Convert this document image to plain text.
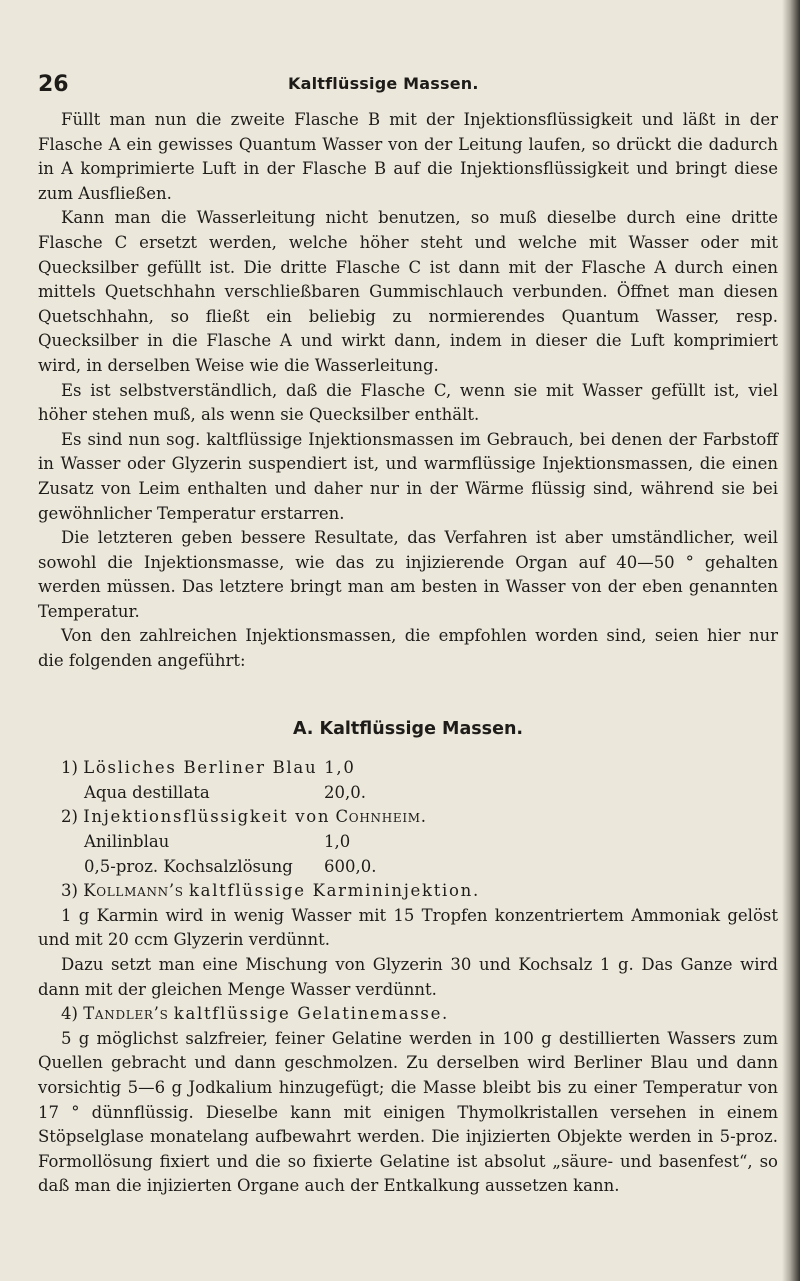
26	Kaltflüssige Massen.

Füllt man nun die zweite Flasche B mit der Injektionsflüssigkeit und läßt in der Flasche A ein gewisses Quantum Wasser von der Leitung laufen, so drückt die dadurch in A komprimierte Luft in der Flasche B auf die Injektionsflüssigkeit und bringt diese zum Ausfließen.

Kann man die Wasserleitung nicht benutzen, so muß dieselbe durch eine dritte Flasche C ersetzt werden, welche höher steht und welche mit Wasser oder mit Quecksilber gefüllt ist. Die dritte Flasche C ist dann mit der Flasche A durch einen mittels Quetschhahn verschließbaren Gummischlauch verbunden. Öffnet man diesen Quetschhahn, so fließt ein beliebig zu normierendes Quantum Wasser, resp. Quecksilber in die Flasche A und wirkt dann, indem in dieser die Luft komprimiert wird, in derselben Weise wie die Wasserleitung.

Es ist selbstverständlich, daß die Flasche C, wenn sie mit Wasser gefüllt ist, viel höher stehen muß, als wenn sie Quecksilber enthält.

Es sind nun sog. kaltflüssige Injektionsmassen im Gebrauch, bei denen der Farbstoff in Wasser oder Glyzerin suspendiert ist, und warmflüssige Injektionsmassen, die einen Zusatz von Leim enthalten und daher nur in der Wärme flüssig sind, während sie bei gewöhnlicher Temperatur erstarren.

Die letzteren geben bessere Resultate, das Verfahren ist aber umständlicher, weil sowohl die Injektionsmasse, wie das zu injizierende Organ auf 40—50 ° gehalten werden müssen. Das letztere bringt man am besten in Wasser von der eben genannten Temperatur.

Von den zahlreichen Injektionsmassen, die empfohlen worden sind, seien hier nur die folgenden angeführt:

A. Kaltflüssige Massen.
1) Lösliches Berliner Blau 1,0
Aqua destillata	20,0.
2) Injektionsflüssigkeit von Cohnheim.
Anilinblau	1,0
0,5-proz. Kochsalzlösung 600,0.
3) Kollmann’s kaltflüssige Karmininjektion.

1 g Karmin wird in wenig Wasser mit 15 Tropfen konzentriertem Ammoniak gelöst und mit 20 ccm Glyzerin verdünnt.

Dazu setzt man eine Mischung von Glyzerin 30 und Kochsalz 1 g. Das Ganze wird dann mit der gleichen Menge Wasser verdünnt.

4) Tandler’s kaltflüssige Gelatinemasse.

5 g möglichst salzfreier, feiner Gelatine werden in 100 g destillierten Wassers zum Quellen gebracht und dann geschmolzen. Zu derselben wird Berliner Blau und dann vorsichtig 5—6 g Jodkalium hinzugefügt; die Masse bleibt bis zu einer Temperatur von 17 ° dünnflüssig. Dieselbe kann mit einigen Thymolkristallen versehen in einem Stöpselglase monatelang aufbewahrt werden. Die injizierten Objekte werden in 5-proz. Formollösung fixiert und die so fixierte Gelatine ist absolut „säure- und basenfest“, so daß man die injizierten Organe auch der Entkalkung aussetzen kann.
